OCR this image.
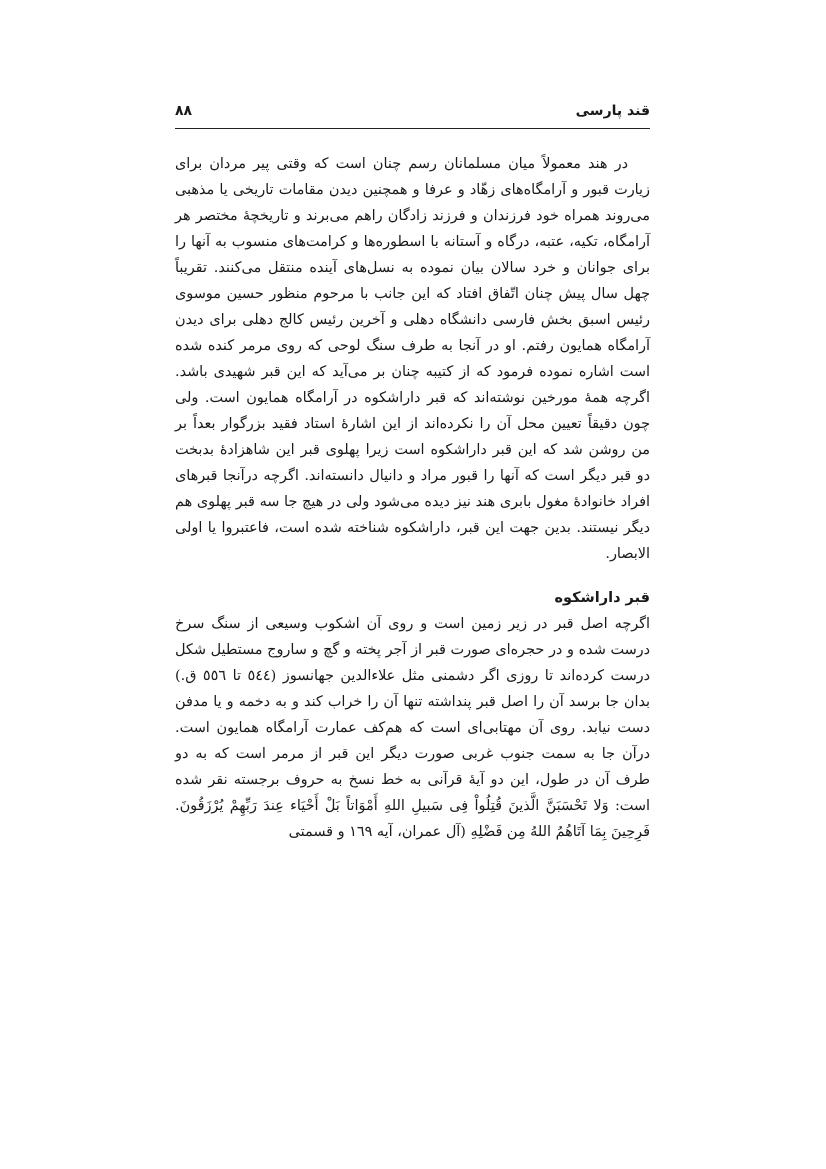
قند پارسی
۸۸

در هند معمولاً میان مسلمانان رسم چنان است که وقتی پیر مردان برای زیارت قبور و آرامگاه‌های زهّاد و عرفا و همچنین دیدن مقامات تاریخی یا مذهبی می‌روند همراه خود فرزندان و فرزند زادگان راهم می‌برند و تاریخچهٔ مختصر هر آرامگاه، تکیه، عتبه، درگاه و آستانه با اسطوره‌ها و کرامت‌های منسوب به آنها را برای جوانان و خرد سالان بیان نموده به نسل‌های آینده منتقل می‌کنند. تقریباً چهل سال پیش چنان اتّفاق افتاد که این جانب با مرحوم منظور حسین موسوی رئیس اسبق بخش فارسی دانشگاه دهلی و آخرین رئیس کالج دهلی برای دیدن آرامگاه همایون رفتم. او در آنجا به طرف سنگ لوحی که روی مرمر کنده شده است اشاره نموده فرمود که از کتیبه چنان بر می‌آید که این قبر شهیدی باشد. اگرچه همهٔ مورخین نوشته‌اند که قبر داراشکوه در آرامگاه همایون است. ولی چون دقیقاً تعیین محل آن را نکرده‌اند از این اشارهٔ استاد فقید بزرگوار بعداً بر من روشن شد که این قبر داراشکوه است زیرا پهلوی قبر این شاهزادهٔ بدبخت دو قبر دیگر است که آنها را قبور مراد و دانیال دانسته‌اند. اگرچه درآنجا قبرهای افراد خانوادهٔ مغول بابری هند نیز دیده می‌شود ولی در هیچ جا سه قبر پهلوی هم دیگر نیستند. بدین جهت این قبر، داراشکوه شناخته شده است، فاعتبروا یا اولی الابصار.

قبر داراشکوه

اگرچه اصل قبر در زیر زمین است و روی آن اشکوب وسیعی از سنگ سرخ درست شده و در حجره‌ای صورت قبر از آجر پخته و گچ و ساروج مستطیل شکل درست کرده‌اند تا روزی اگر دشمنی مثل علاءالدین جهانسوز (٥٤٤ تا ٥٥٦ ق.) بدان جا برسد آن را اصل قبر پنداشته تنها آن را خراب کند و به دخمه و یا مدفن دست نیابد. روی آن مهتابی‌ای است که هم‌کف عمارت آرامگاه همایون است. درآن جا به سمت جنوب غربی صورت دیگر این قبر از مرمر است که به دو طرف آن در طول، این دو آیهٔ قرآنی به خط نسخ به حروف برجسته نقر شده است: وَلا تَحْسَبَنَّ الَّذینَ قُتِلُواْ فِی سَبیلِ اللهِ أَمْوَاتاً بَلْ أَحْیَاء عِندَ رَبِّهِمْ یُرْزَقُونَ. فَرِحِینَ بِمَا آتَاهُمُ اللهُ مِن فَضْلِهِ (آل عمران، آیه ١٦٩ و قسمتی
